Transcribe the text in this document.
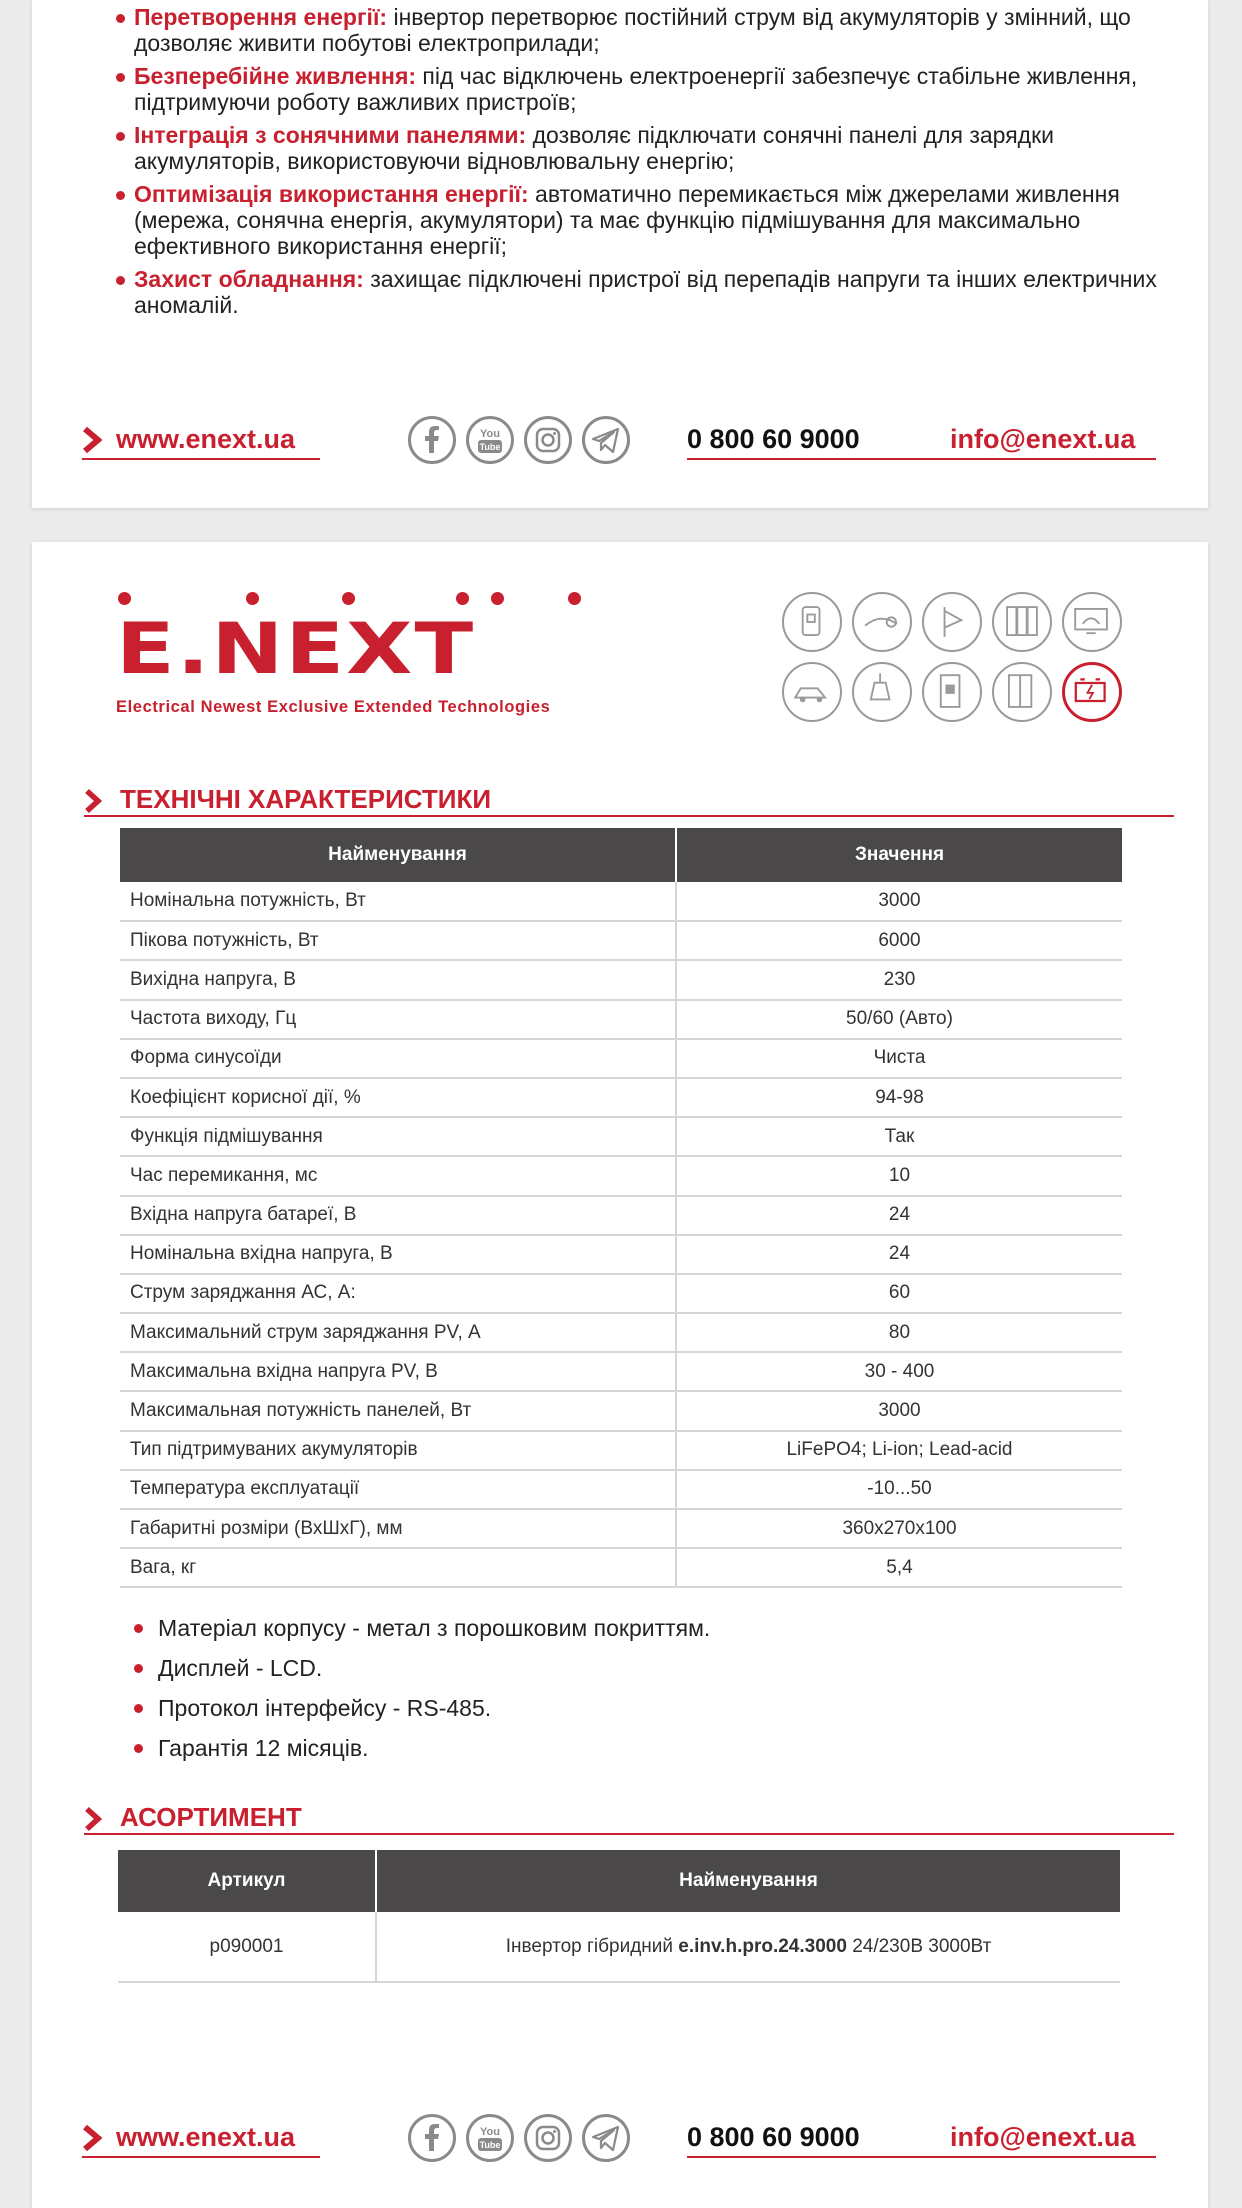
Перетворення енергії: інвертор перетворює постійний струм від акумуляторів у змінний, що дозволяє живити побутові електроприлади;
Безперебійне живлення: під час відключень електроенергії забезпечує стабільне живлення, підтримуючи роботу важливих пристроїв;
Інтеграція з сонячними панелями: дозволяє підключати сонячні панелі для зарядки акумуляторів, використовуючи відновлювальну енергію;
Оптимізація використання енергії: автоматично перемикається між джерелами живлення (мережа, сонячна енергія, акумулятори) та має функцію підмішування для максимально ефективного використання енергії;
Захист обладнання: захищає підключені пристрої від перепадів напруги та інших електричних аномалій.
www.enext.ua	You
Tube	0 800 60 9000	info@enext.ua
E.NEXT
Electrical Newest Exclusive Extended Technologies
ТЕХНІЧНІ ХАРАКТЕРИСТИКИ
Найменування	Значення
Номінальна потужність, Вт	3000
Пікова потужність, Вт	6000
Вихідна напруга, В	230
Частота виходу, Гц	50/60 (Авто)
Форма синусоїди	Чиста
Коефіцієнт корисної дії, %	94-98
Функція підмішування	Так
Час перемикання, мс	10
Вхідна напруга батареї, В	24
Номінальна вхідна напруга, В	24
Струм заряджання АС, А:	60
Максимальний струм заряджання PV, А	80
Максимальна вхідна напруга PV, В	30 - 400
Максимальная потужність панелей, Вт	3000
Тип підтримуваних акумуляторів	LiFePO4; Li-ion; Lead-acid
Температура експлуатації	-10...50
Габаритні розміри (ВхШхГ), мм	360x270x100
Вага, кг	5,4
Матеріал корпусу - метал з порошковим покриттям.
Дисплей - LCD.
Протокол інтерфейсу - RS-485.
Гарантія 12 місяців.
АСОРТИМЕНТ
Артикул	Найменування
p090001	Інвертор гібридний e.inv.h.pro.24.3000 24/230В 3000Вт
www.enext.ua	You
Tube	0 800 60 9000	info@enext.ua
